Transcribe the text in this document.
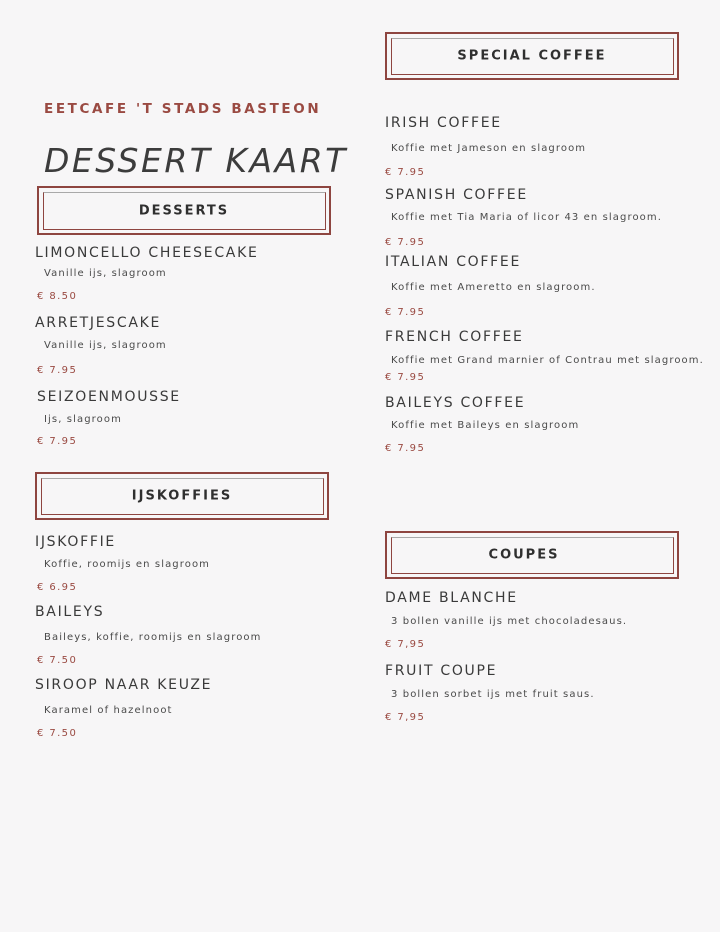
EETCAFE 'T STADS BASTEON
DESSERT KAART
DESSERTS
LIMONCELLO CHEESECAKE
Vanille ijs, slagroom
€ 8.50
ARRETJESCAKE
Vanille ijs, slagroom
€ 7.95
SEIZOENMOUSSE
Ijs, slagroom
€ 7.95
IJSKOFFIES
IJSKOFFIE
Koffie, roomijs en slagroom
€ 6.95
BAILEYS
Baileys, koffie, roomijs en slagroom
€ 7.50
SIROOP NAAR KEUZE
Karamel of hazelnoot
€ 7.50
SPECIAL COFFEE
IRISH COFFEE
Koffie met Jameson en slagroom
€ 7.95
SPANISH COFFEE
Koffie met Tia Maria of licor 43 en slagroom.
€ 7.95
ITALIAN COFFEE
Koffie met Ameretto en slagroom.
€ 7.95
FRENCH COFFEE
Koffie met Grand marnier of Contrau met slagroom.
€ 7.95
BAILEYS COFFEE
Koffie met Baileys en slagroom
€ 7.95
COUPES
DAME BLANCHE
3 bollen vanille ijs met chocoladesaus.
€ 7,95
FRUIT COUPE
3 bollen sorbet ijs met fruit saus.
€ 7,95
